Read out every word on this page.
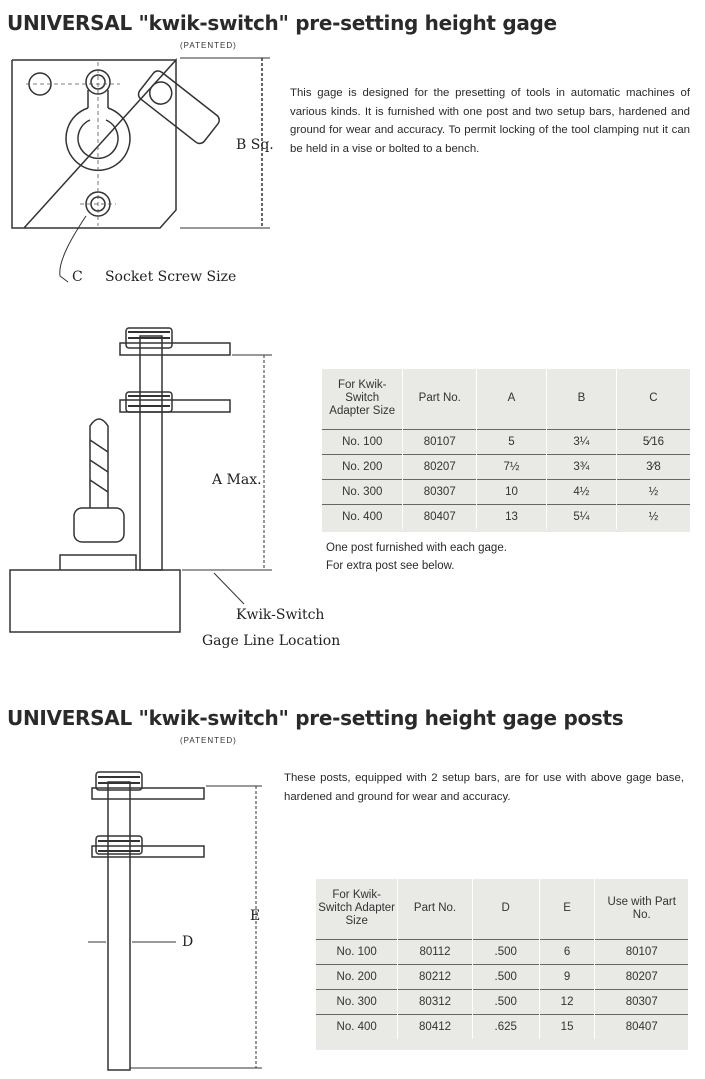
UNIVERSAL "kwik-switch" pre-setting height gage
(PATENTED)
B Sq.
C     Socket Screw Size

This gage is designed for the presetting of tools in automatic machines of various kinds. It is furnished with one post and two setup bars, hardened and ground for wear and accuracy. To permit locking of the tool clamping nut it can be held in a vise or bolted to a bench.

A Max.
Kwik-Switch
Gage Line Location
For Kwik-Switch Adapter Size	Part No.	A	B	C
No. 100	80107	5	3¼	5⁄16
No. 200	80207	7½	3¾	3⁄8
No. 300	80307	10	4½	½
No. 400	80407	13	5¼	½
One post furnished with each gage.
For extra post see below.
UNIVERSAL "kwik-switch" pre-setting height gage posts
(PATENTED)

These posts, equipped with 2 setup bars, are for use with above gage base, hardened and ground for wear and accuracy.

D
E
For Kwik-Switch Adapter Size	Part No.	D	E	Use with Part No.
No. 100	80112	.500	6	80107
No. 200	80212	.500	9	80207
No. 300	80312	.500	12	80307
No. 400	80412	.625	15	80407
